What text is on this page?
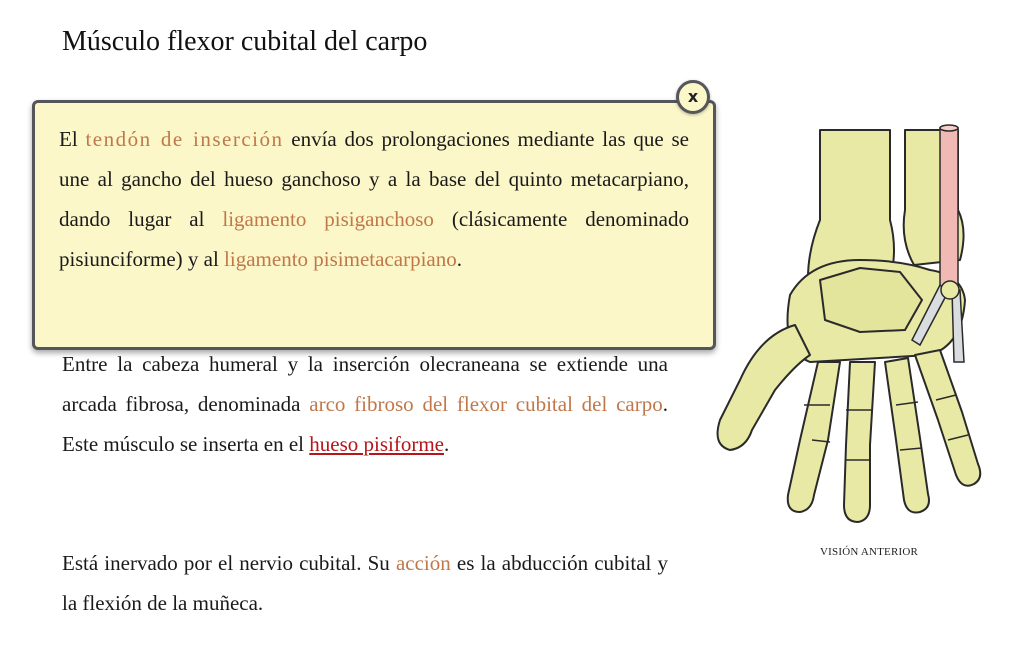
Músculo flexor cubital del carpo

El tendón de inserción envía dos prolongaciones mediante las que se une al gancho del hueso ganchoso y a la base del quinto metacarpiano, dando lugar al ligamento pisiganchoso (clásicamente denominado pisiunciforme) y al ligamento pisimetacarpiano.

x

Entre la cabeza humeral y la inserción olecraneana se extiende una arcada fibrosa, denominada arco fibroso del flexor cubital del carpo. Este músculo se inserta en el hueso pisiforme.

Está inervado por el nervio cubital. Su acción es la abducción cubital y la flexión de la muñeca.

VISIÓN ANTERIOR
